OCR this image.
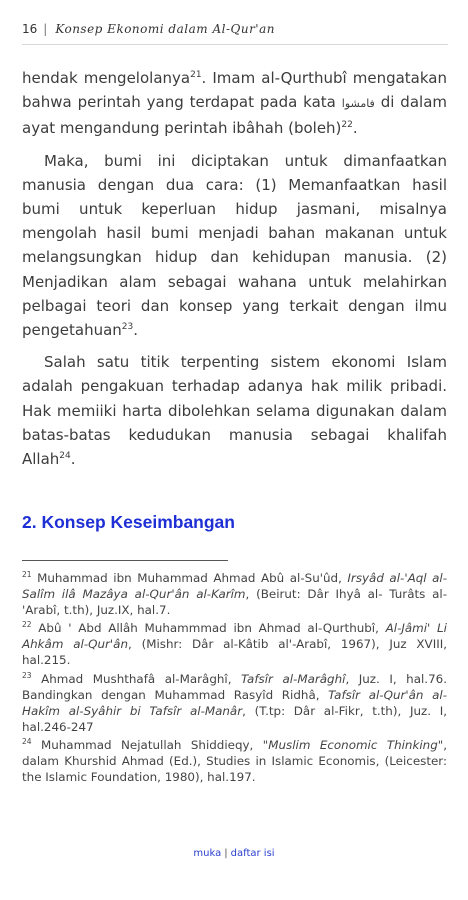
16 | Konsep Ekonomi dalam Al-Qur'an

hendak mengelolanya$^{21}$. Imam al-Qurthubî mengatakan bahwa perintah yang terdapat pada kata فامشوا di dalam ayat mengandung perintah ibâhah (boleh)$^{22}$.

Maka, bumi ini diciptakan untuk dimanfaatkan manusia dengan dua cara: (1) Memanfaatkan hasil bumi untuk keperluan hidup jasmani, misalnya mengolah hasil bumi menjadi bahan makanan untuk melangsungkan hidup dan kehidupan manusia. (2) Menjadikan alam sebagai wahana untuk melahirkan pelbagai teori dan konsep yang terkait dengan ilmu pengetahuan$^{23}$.

Salah satu titik terpenting sistem ekonomi Islam adalah pengakuan terhadap adanya hak milik pribadi. Hak memiiki harta dibolehkan selama digunakan dalam batas-batas kedudukan manusia sebagai khalifah Allah$^{24}$.

2. Konsep Keseimbangan

$^{21}$ Muhammad ibn Muhammad Ahmad Abû al-Su'ûd, Irsyâd al-'Aql al-Salîm ilâ Mazâya al-Qur'ân al-Karîm, (Beirut: Dâr Ihyâ al- Turâts al-'Arabî, t.th), Juz.IX, hal.7.

$^{22}$ Abû ' Abd Allâh Muhammmad ibn Ahmad al-Qurthubî, Al-Jâmi' Li Ahkâm al-Qur'ân, (Mishr: Dâr al-Kâtib al'-Arabî, 1967), Juz XVIII, hal.215.

$^{23}$ Ahmad Mushthafâ al-Marâghî, Tafsîr al-Marâghî, Juz. I, hal.76. Bandingkan dengan Muhammad Rasyîd Ridhâ, Tafsîr al-Qur'ân al-Hakîm al-Syâhir bi Tafsîr al-Manâr, (T.tp: Dâr al-Fikr, t.th), Juz. I, hal.246-247

$^{24}$ Muhammad Nejatullah Shiddieqy, "Muslim Economic Thinking", dalam Khurshid Ahmad (Ed.), Studies in Islamic Economis, (Leicester: the Islamic Foundation, 1980), hal.197.

muka | daftar isi
